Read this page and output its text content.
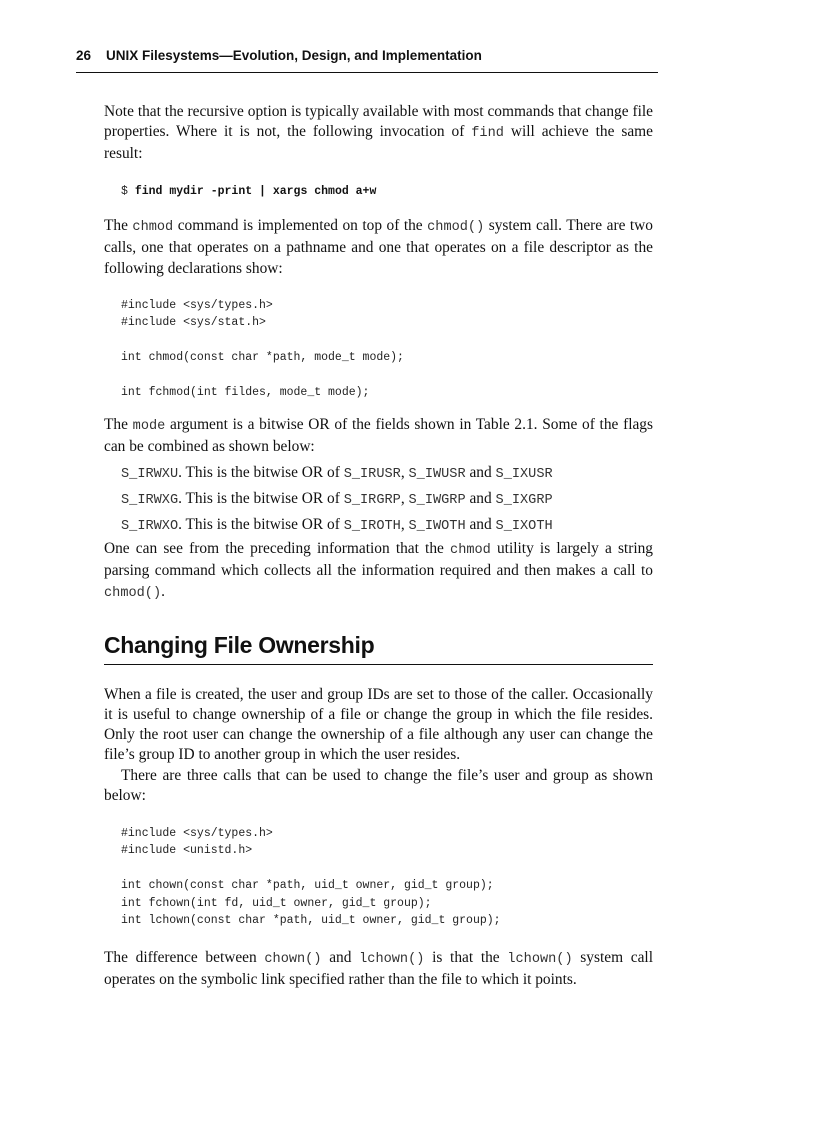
26 UNIX Filesystems—Evolution, Design, and Implementation

Note that the recursive option is typically available with most commands that change file properties. Where it is not, the following invocation of find will achieve the same result:

$ find mydir -print | xargs chmod a+w

The chmod command is implemented on top of the chmod() system call. There are two calls, one that operates on a pathname and one that operates on a file descriptor as the following declarations show:

#include <sys/types.h>
#include <sys/stat.h>
int chmod(const char *path, mode_t mode);
int fchmod(int fildes, mode_t mode);

The mode argument is a bitwise OR of the fields shown in Table 2.1. Some of the flags can be combined as shown below:

S_IRWXU. This is the bitwise OR of S_IRUSR, S_IWUSR and S_IXUSR
S_IRWXG. This is the bitwise OR of S_IRGRP, S_IWGRP and S_IXGRP
S_IRWXO. This is the bitwise OR of S_IROTH, S_IWOTH and S_IXOTH

One can see from the preceding information that the chmod utility is largely a string parsing command which collects all the information required and then makes a call to chmod().

Changing File Ownership

When a file is created, the user and group IDs are set to those of the caller. Occasionally it is useful to change ownership of a file or change the group in which the file resides. Only the root user can change the ownership of a file although any user can change the file’s group ID to another group in which the user resides.

There are three calls that can be used to change the file’s user and group as shown below:

#include <sys/types.h>
#include <unistd.h>
int chown(const char *path, uid_t owner, gid_t group);
int fchown(int fd, uid_t owner, gid_t group);
int lchown(const char *path, uid_t owner, gid_t group);

The difference between chown() and lchown() is that the lchown() system call operates on the symbolic link specified rather than the file to which it points.
